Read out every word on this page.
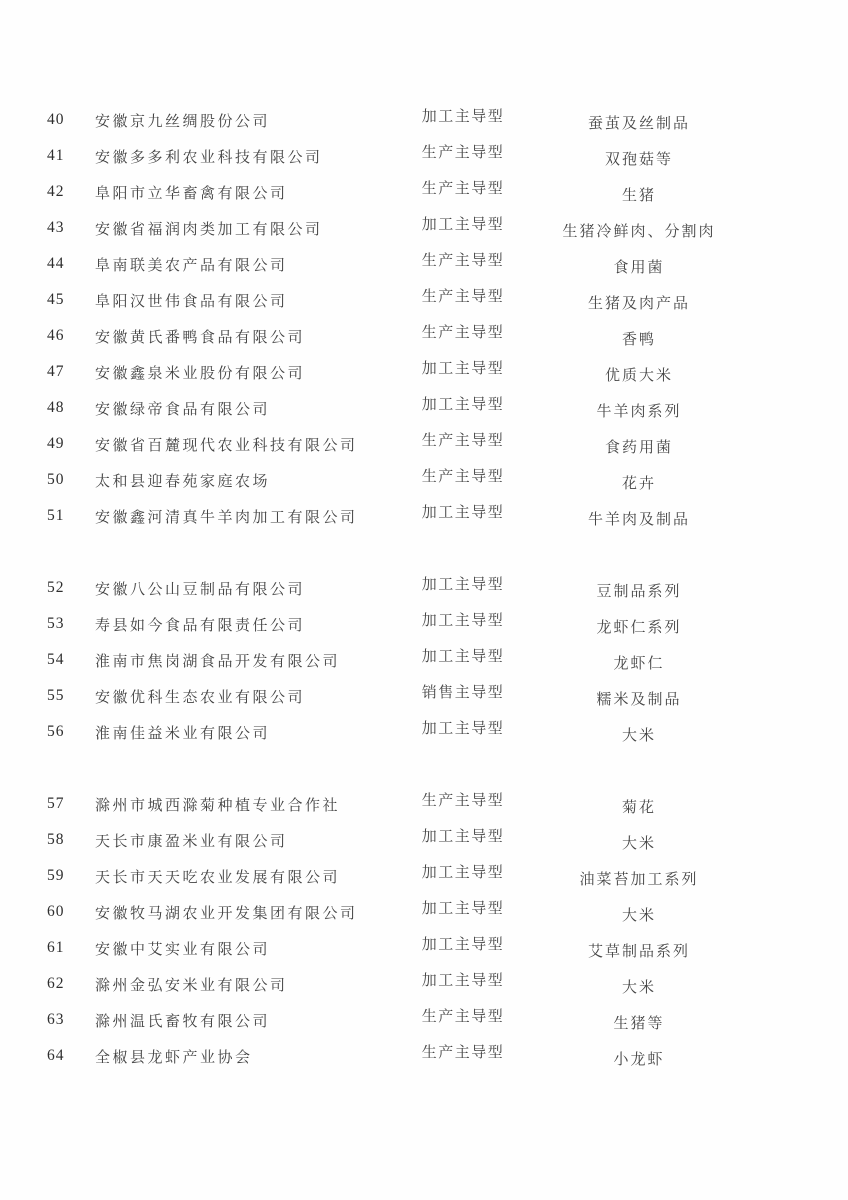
40	安徽京九丝绸股份公司	加工主导型	蚕茧及丝制品
41	安徽多多利农业科技有限公司	生产主导型	双孢菇等
42	阜阳市立华畜禽有限公司	生产主导型	生猪
43	安徽省福润肉类加工有限公司	加工主导型	生猪冷鲜肉、分割肉
44	阜南联美农产品有限公司	生产主导型	食用菌
45	阜阳汉世伟食品有限公司	生产主导型	生猪及肉产品
46	安徽黄氏番鸭食品有限公司	生产主导型	香鸭
47	安徽鑫泉米业股份有限公司	加工主导型	优质大米
48	安徽绿帝食品有限公司	加工主导型	牛羊肉系列
49	安徽省百麓现代农业科技有限公司	生产主导型	食药用菌
50	太和县迎春苑家庭农场	生产主导型	花卉
51	安徽鑫河清真牛羊肉加工有限公司	加工主导型	牛羊肉及制品
52	安徽八公山豆制品有限公司	加工主导型	豆制品系列
53	寿县如今食品有限责任公司	加工主导型	龙虾仁系列
54	淮南市焦岗湖食品开发有限公司	加工主导型	龙虾仁
55	安徽优科生态农业有限公司	销售主导型	糯米及制品
56	淮南佳益米业有限公司	加工主导型	大米
57	滁州市城西滁菊种植专业合作社	生产主导型	菊花
58	天长市康盈米业有限公司	加工主导型	大米
59	天长市天天吃农业发展有限公司	加工主导型	油菜苔加工系列
60	安徽牧马湖农业开发集团有限公司	加工主导型	大米
61	安徽中艾实业有限公司	加工主导型	艾草制品系列
62	滁州金弘安米业有限公司	加工主导型	大米
63	滁州温氏畜牧有限公司	生产主导型	生猪等
64	全椒县龙虾产业协会	生产主导型	小龙虾
